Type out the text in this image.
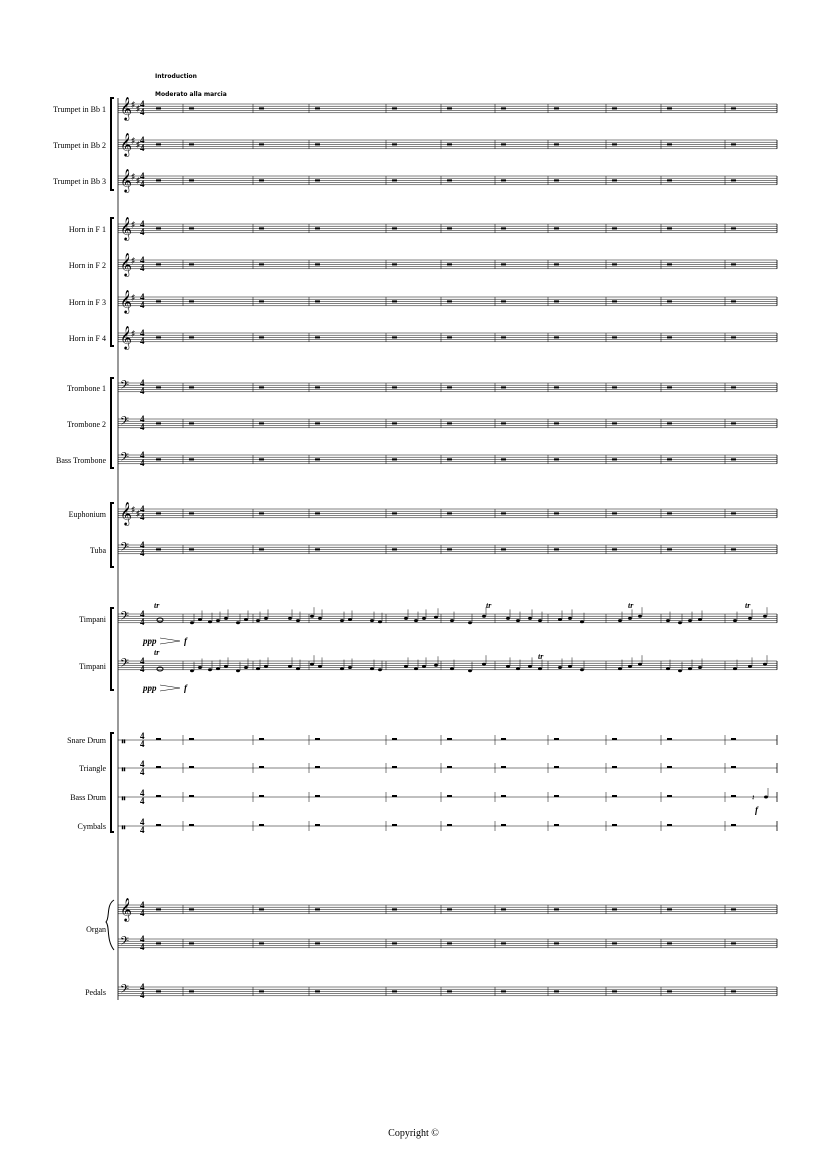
Introduction
Moderato alla marcia
𝄞 ♯ ♯ 4
4
Trumpet in Bb 1
𝄞 ♯ ♯ 4
4
Trumpet in Bb 2
𝄞 ♯ ♯ 4
4
Trumpet in Bb 3
𝄞 ♯ 4
4
Horn in F 1
𝄞 ♯ 4
4
Horn in F 2
𝄞 ♯ 4
4
Horn in F 3
𝄞 ♯ 4
4
Horn in F 4
𝄢 4
4
Trombone 1
𝄢 4
4
Trombone 2
𝄢 4
4
Bass Trombone
𝄞 ♯ ♯ 4
4
Euphonium
𝄢 4
4
Tuba
𝄢 4
4
Timpani
𝄢 4
4
Timpani
ppp	f
tr
ppp	f
tr
tr	tr	tr
tr
𝄥
4
4
Snare Drum
𝄥
4
4
Triangle
𝄥
4
4
Bass Drum
𝄥
4
4
Cymbals
𝄽
f
𝄞 4
4
𝄢 4
4
Organ
𝄢 4
4
Pedals
Copyright ©
